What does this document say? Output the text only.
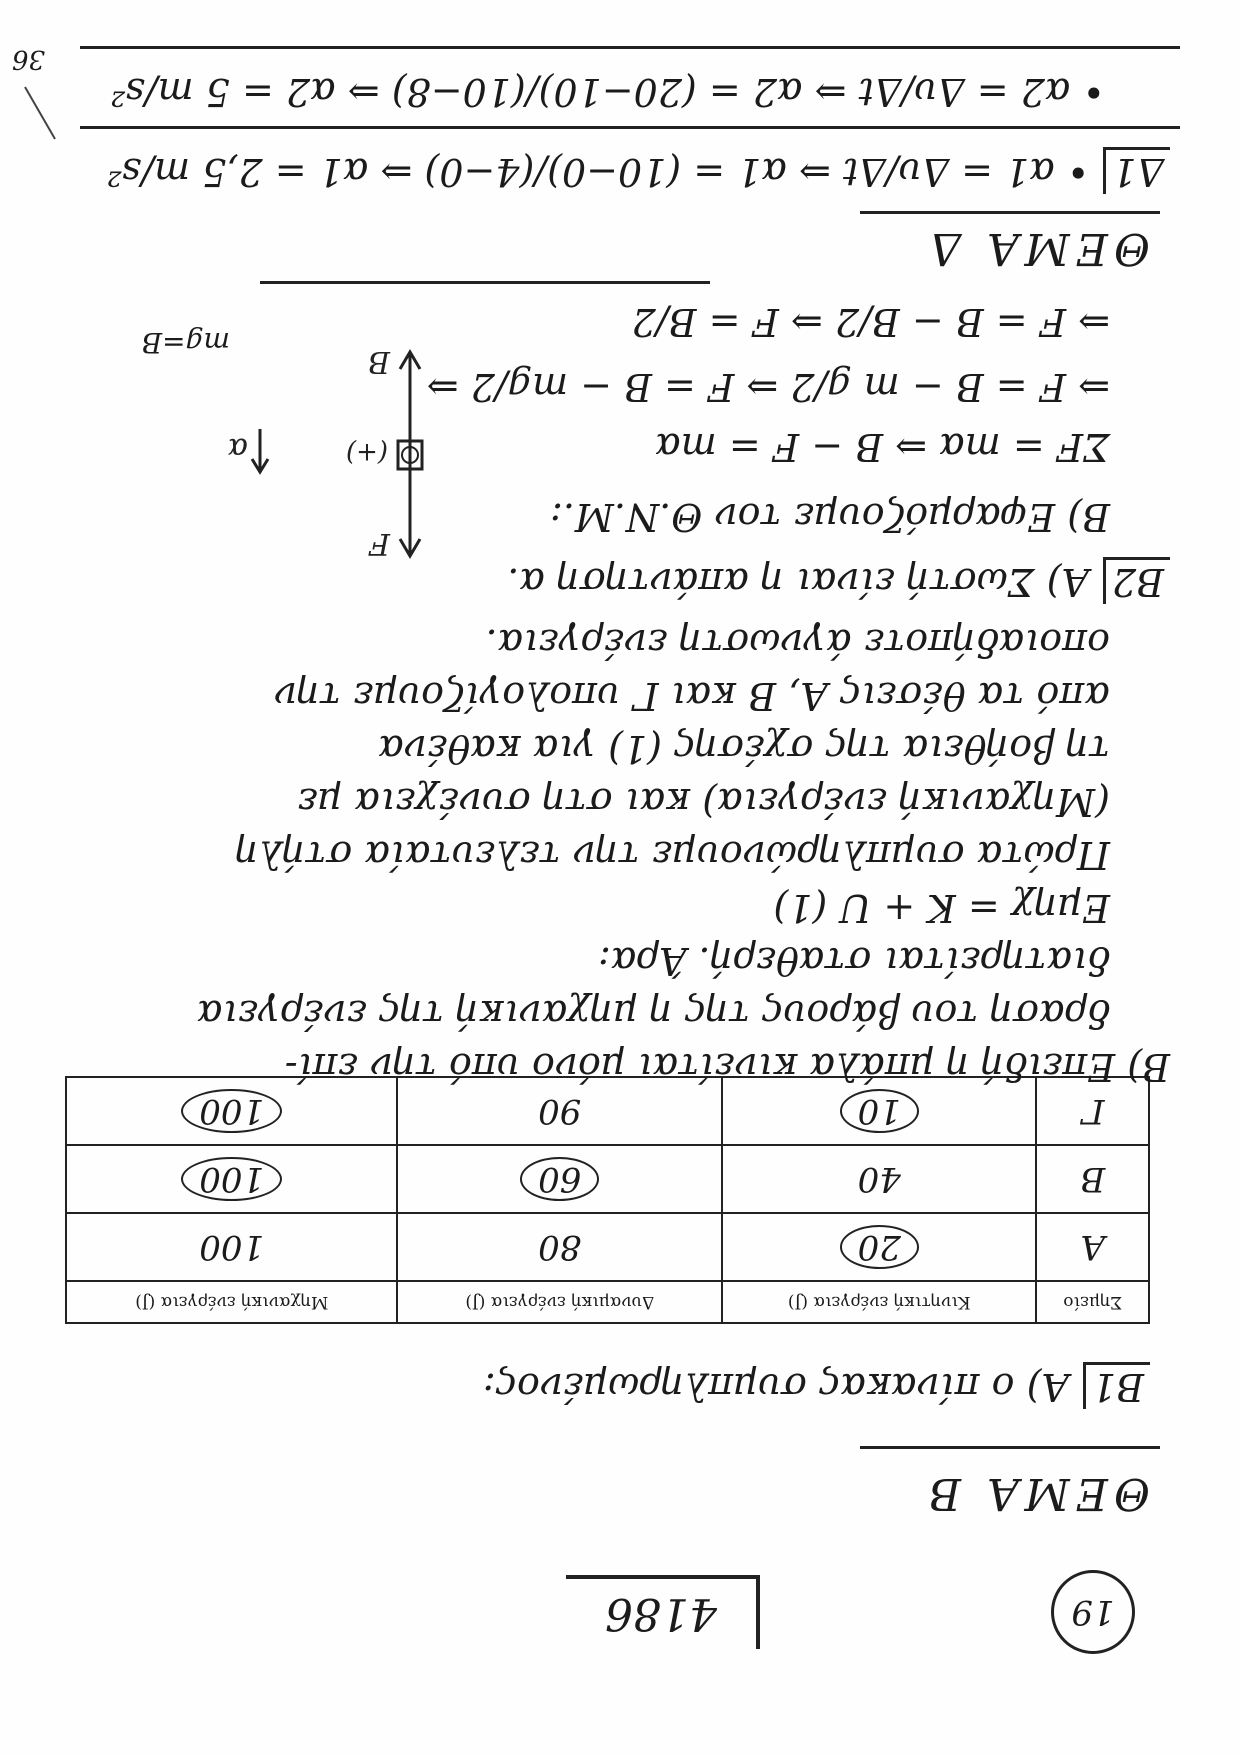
19
4186
ΘΕΜΑ Β
Β1Α) ο πίνακας συμπληρωμένος:
Σημείο	Κινητική ενέργεια (J)	Δυναμική ενέργεια (J)	Μηχανική ενέργεια (J)
Α	20	80	100
Β	40	60	100
Γ	10	90	100
Β) Επειδή η μπάλα κινείται μόνο υπό την επί-
δραση του βάρους της η μηχανική της ενέργεια
διατηρείται σταθερή. Άρα:
Εμηχ = Κ + U (1)
Πρώτα συμπληρώνουμε την τελευταία στήλη
(Μηχανική ενέργεια) και στη συνέχεια με
τη βοήθεια της σχέσης (1) για καθένα
από τα θέσεις Α, Β και Γ υπολογίζουμε την
οποιαδήποτε άγνωστη ενέργεια.
Β2Α) Σωστή είναι η απάντηση α.
Β) Εφαρμόζουμε τον Θ.Ν.Μ.:
ΣF = mα ⇒ B − F = mα
⇒ F = B − m g/2 ⇒ F = B − mg/2 ⇒
⇒ F = B − B/2 ⇒ F = B/2
F
B
(+)
α
mg=B
ΘΕΜΑ Δ
Δ1• α1 = Δυ/Δt ⇒ α1 = (10−0)/(4−0) ⇒ α1 = 2,5 m/s²
• α2 = Δυ/Δt ⇒ α2 = (20−10)/(10−8) ⇒ α2 = 5 m/s²
36
